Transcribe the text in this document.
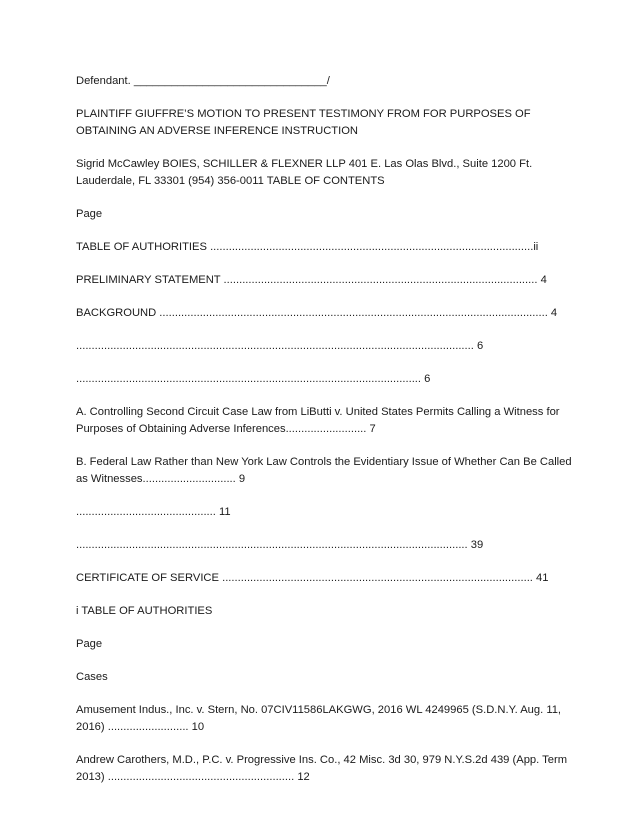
Defendant. _______________________________/

PLAINTIFF GIUFFRE’S MOTION TO PRESENT TESTIMONY FROM FOR PURPOSES OF OBTAINING AN ADVERSE INFERENCE INSTRUCTION

Sigrid McCawley BOIES, SCHILLER & FLEXNER LLP 401 E. Las Olas Blvd., Suite 1200 Ft. Lauderdale, FL 33301 (954) 356-0011 TABLE OF CONTENTS

Page

TABLE OF AUTHORITIES ........................................................................................................ii

PRELIMINARY STATEMENT ..................................................................................................... 4

BACKGROUND ............................................................................................................................. 4

................................................................................................................................ 6

............................................................................................................... 6

A. Controlling Second Circuit Case Law from LiButti v. United States Permits Calling a Witness for Purposes of Obtaining Adverse Inferences.......................... 7

B. Federal Law Rather than New York Law Controls the Evidentiary Issue of Whether Can Be Called as Witnesses.............................. 9

............................................. 11

.............................................................................................................................. 39

CERTIFICATE OF SERVICE .................................................................................................... 41

i TABLE OF AUTHORITIES

Page

Cases

Amusement Indus., Inc. v. Stern, No. 07CIV11586LAKGWG, 2016 WL 4249965 (S.D.N.Y. Aug. 11, 2016) .......................... 10

Andrew Carothers, M.D., P.C. v. Progressive Ins. Co., 42 Misc. 3d 30, 979 N.Y.S.2d 439 (App. Term 2013) ............................................................ 12
